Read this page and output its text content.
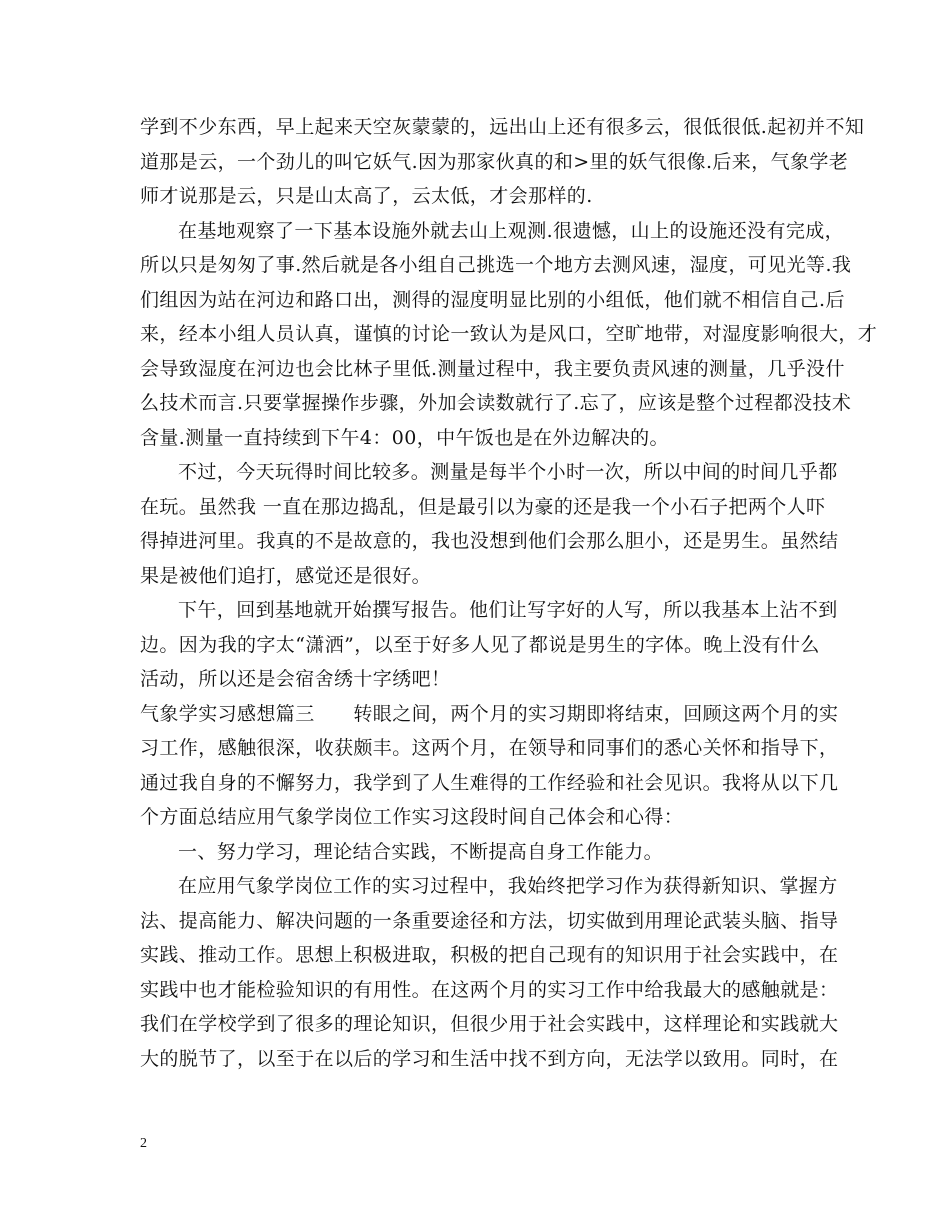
学到不少东西，早上起来天空灰蒙蒙的，远出山上还有很多云，很低很低.起初并不知
道那是云，一个劲儿的叫它妖气.因为那家伙真的和>里的妖气很像.后来，气象学老
师才说那是云，只是山太高了，云太低，才会那样的.
在基地观察了一下基本设施外就去山上观测.很遗憾，山上的设施还没有完成，
所以只是匆匆了事.然后就是各小组自己挑选一个地方去测风速，湿度，可见光等.我
们组因为站在河边和路口出，测得的湿度明显比别的小组低，他们就不相信自己.后
来，经本小组人员认真，谨慎的讨论一致认为是风口，空旷地带，对湿度影响很大，才
会导致湿度在河边也会比林子里低.测量过程中，我主要负责风速的测量，几乎没什
么技术而言.只要掌握操作步骤，外加会读数就行了.忘了，应该是整个过程都没技术
含量.测量一直持续到下午4：00，中午饭也是在外边解决的。
不过，今天玩得时间比较多。测量是每半个小时一次，所以中间的时间几乎都
在玩。虽然我 一直在那边捣乱，但是最引以为豪的还是我一个小石子把两个人吓
得掉进河里。我真的不是故意的，我也没想到他们会那么胆小，还是男生。虽然结
果是被他们追打，感觉还是很好。
下午，回到基地就开始撰写报告。他们让写字好的人写，所以我基本上沾不到
边。因为我的字太“潇洒”，以至于好多人见了都说是男生的字体。晚上没有什么
活动，所以还是会宿舍绣十字绣吧！
气象学实习感想篇三　　转眼之间，两个月的实习期即将结束，回顾这两个月的实
习工作，感触很深，收获颇丰。这两个月，在领导和同事们的悉心关怀和指导下，
通过我自身的不懈努力，我学到了人生难得的工作经验和社会见识。我将从以下几
个方面总结应用气象学岗位工作实习这段时间自己体会和心得：
一、努力学习，理论结合实践，不断提高自身工作能力。
在应用气象学岗位工作的实习过程中，我始终把学习作为获得新知识、掌握方
法、提高能力、解决问题的一条重要途径和方法，切实做到用理论武装头脑、指导
实践、推动工作。思想上积极进取，积极的把自己现有的知识用于社会实践中，在
实践中也才能检验知识的有用性。在这两个月的实习工作中给我最大的感触就是：
我们在学校学到了很多的理论知识，但很少用于社会实践中，这样理论和实践就大
大的脱节了，以至于在以后的学习和生活中找不到方向，无法学以致用。同时，在
2
